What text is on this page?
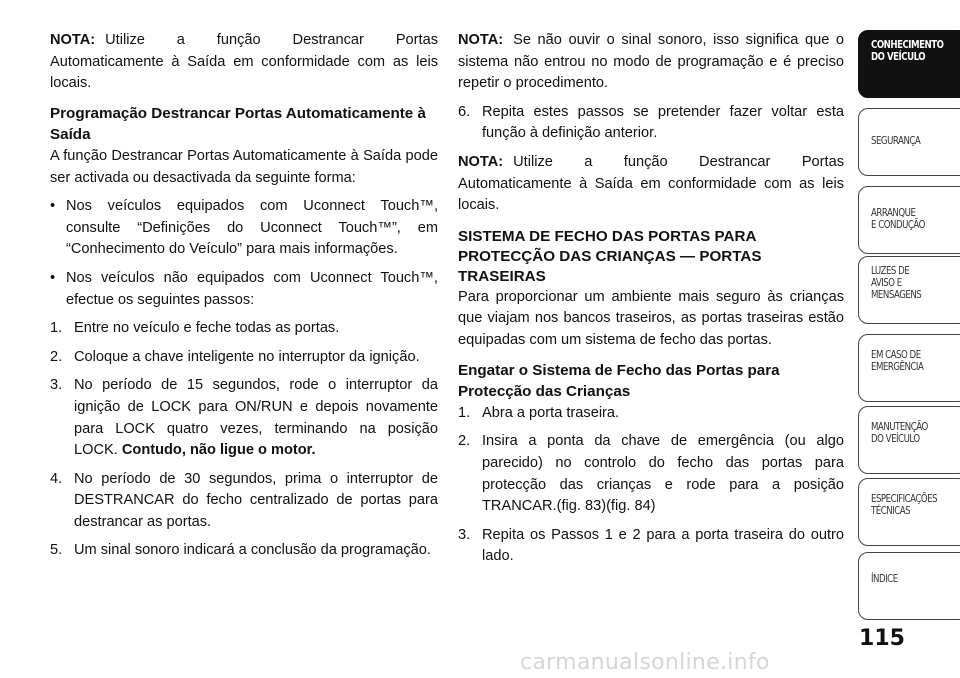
NOTA: Utilize a função Destrancar Portas Automaticamente à Saída em conformidade com as leis locais.

Programação Destrancar Portas Automaticamente à Saída

A função Destrancar Portas Automaticamente à Saída pode ser activada ou desactivada da seguinte forma:

• Nos veículos equipados com Uconnect Touch™, consulte “Definições do Uconnect Touch™”, em “Conhecimento do Veículo” para mais informações.
• Nos veículos não equipados com Uconnect Touch™, efectue os seguintes passos:
1. Entre no veículo e feche todas as portas.
2. Coloque a chave inteligente no interruptor da ignição.
3. No período de 15 segundos, rode o interruptor da ignição de LOCK para ON/RUN e depois novamente para LOCK quatro vezes, terminando na posição LOCK. Contudo, não ligue o motor.
4. No período de 30 segundos, prima o interruptor de DESTRANCAR do fecho centralizado de portas para destrancar as portas.
5. Um sinal sonoro indicará a conclusão da programação.

NOTA: Se não ouvir o sinal sonoro, isso significa que o sistema não entrou no modo de programação e é preciso repetir o procedimento.

6. Repita estes passos se pretender fazer voltar esta função à definição anterior.

NOTA: Utilize a função Destrancar Portas Automaticamente à Saída em conformidade com as leis locais.

SISTEMA DE FECHO DAS PORTAS PARA PROTECÇÃO DAS CRIANÇAS — PORTAS TRASEIRAS

Para proporcionar um ambiente mais seguro às crianças que viajam nos bancos traseiros, as portas traseiras estão equipadas com um sistema de fecho das portas.

Engatar o Sistema de Fecho das Portas para Protecção das Crianças
1. Abra a porta traseira.
2. Insira a ponta da chave de emergência (ou algo parecido) no controlo do fecho das portas para protecção das crianças e rode para a posição TRANCAR.(fig. 83)(fig. 84)
3. Repita os Passos 1 e 2 para a porta traseira do outro lado.
CONHECIMENTO
DO VEÍCULO
SEGURANÇA
ARRANQUE
E CONDUÇÃO
LUZES DE
AVISO E
MENSAGENS
EM CASO DE
EMERGÊNCIA
MANUTENÇÃO
DO VEÍCULO
ESPECIFICAÇÕES
TÉCNICAS
ÍNDICE
115
carmanualsonline.info
